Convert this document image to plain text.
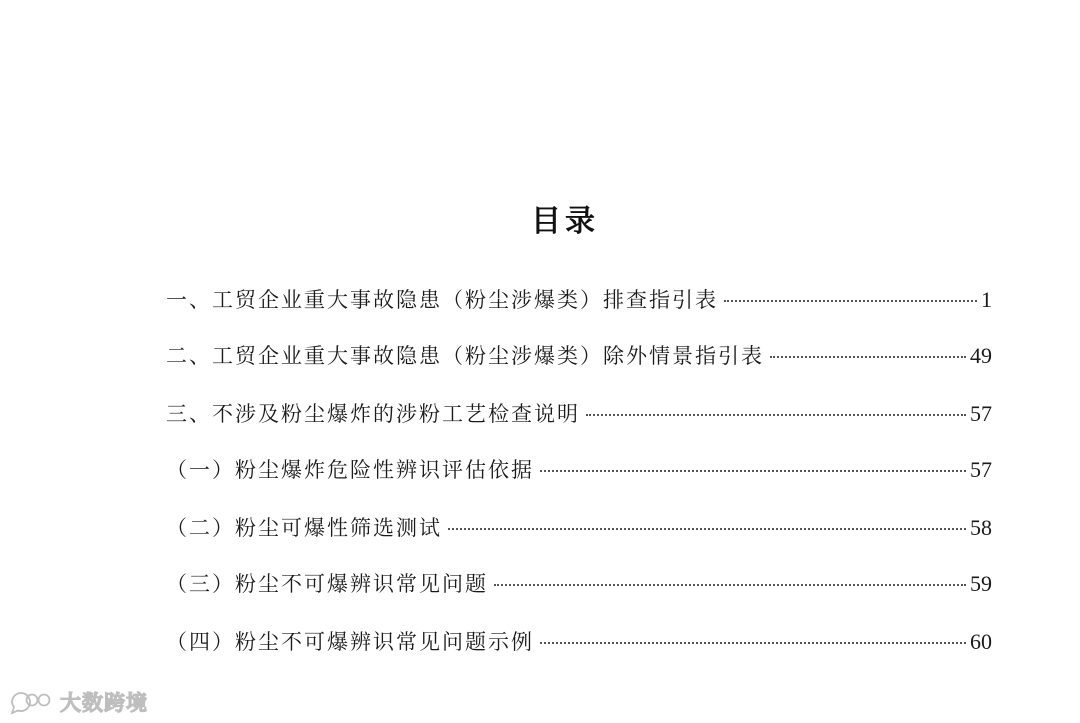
目录
一、工贸企业重大事故隐患（粉尘涉爆类）排查指引表	1
二、工贸企业重大事故隐患（粉尘涉爆类）除外情景指引表	49
三、不涉及粉尘爆炸的涉粉工艺检查说明	57
（一）粉尘爆炸危险性辨识评估依据	57
（二）粉尘可爆性筛选测试	58
（三）粉尘不可爆辨识常见问题	59
（四）粉尘不可爆辨识常见问题示例	60
大数跨境
